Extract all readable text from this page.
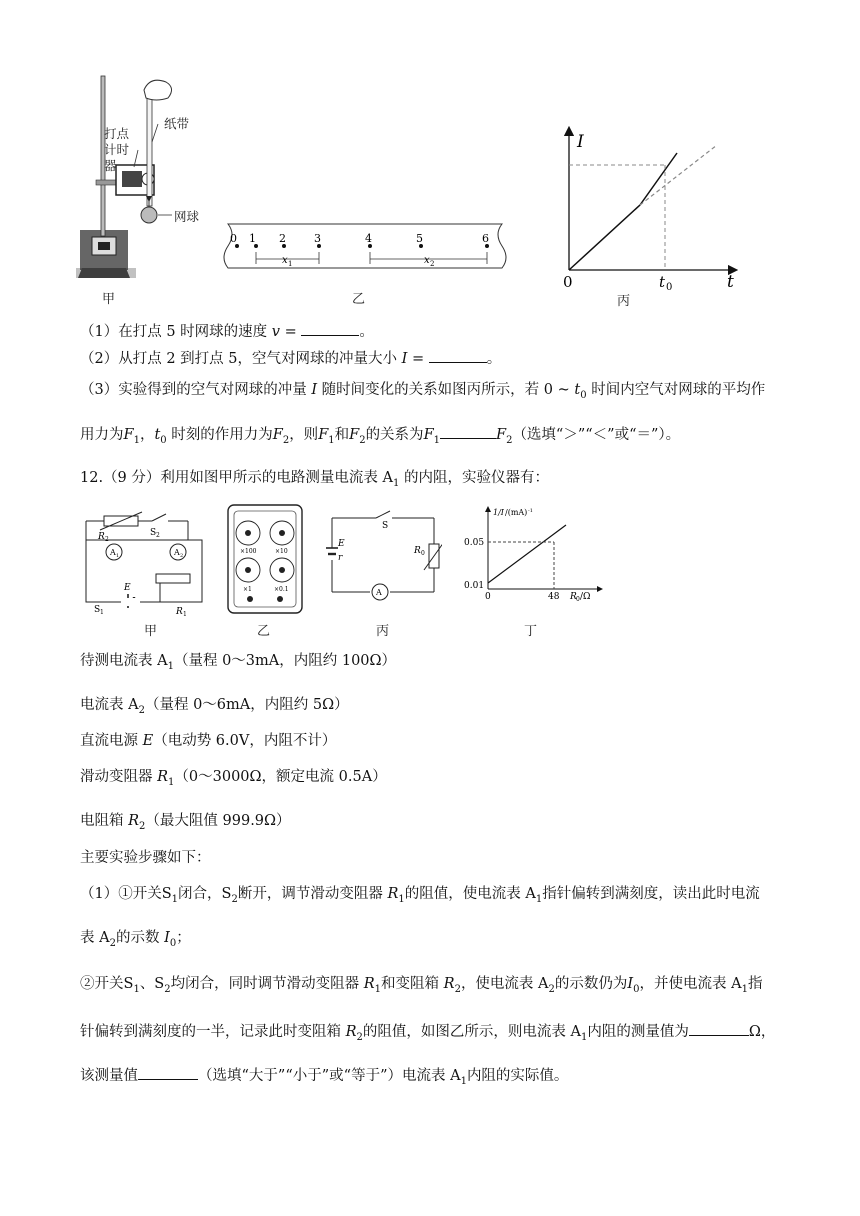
打点计时器
纸带
网球
甲
0 1 2	3	4	5	6
x 1	x 2
乙
I
t
0	t 0
丙
（1）在打点 5 时网球的速度 v =	。
（2）从打点 2 到打点 5，空气对网球的冲量大小 I =	。
（3）实验得到的空气对网球的冲量 I 随时间变化的关系如图丙所示，若 0 ~ $t_0$ 时间内空气对网球的平均作
用力为$F_1$，$t_0$ 时刻的作用力为$F_2$，则$F_1$和$F_2$的关系为$F_1$	$F_2$（选填“＞”“＜”或“＝”）。
12.（9 分）利用如图甲所示的电路测量电流表 $A_1$ 的内阻，实验仪器有：
R 2
S 2
A 1	A 2
E
S 1	R 1
甲
×100	×10
×1	×0.1
乙
S
E
r
R 0
A
丙
1/I /(mA) -1
0.05
0.01
0	48 R 0 /Ω
丁
待测电流表 $A_1$（量程 0～3mA，内阻约 100Ω）
电流表 $A_2$（量程 0～6mA，内阻约 5Ω）
直流电源 E（电动势 6.0V，内阻不计）
滑动变阻器 $R_1(0\sim 3000\Omega$，额定电流 0.5A）
电阻箱 $R_2$（最大阻值 999.9Ω）
主要实验步骤如下：
（1）①开关$S_1$闭合，$S_2$断开，调节滑动变阻器 $R_1$的阻值，使电流表 $A_1$指针偏转到满刻度，读出此时电流
表 $A_2$的示数 $I_0$；
②开关$S_1$、$S_2$均闭合，同时调节滑动变阻器 $R_1$和变阻箱 $R_2$，使电流表 $A_2$的示数仍为$I_0$，并使电流表 $A_1$指
针偏转到满刻度的一半，记录此时变阻箱 $R_2$的阻值，如图乙所示，则电流表 $A_1$内阻的测量值为	Ω，
该测量值	（选填“大于”“小于”或“等于”）电流表 $A_1$内阻的实际值。
